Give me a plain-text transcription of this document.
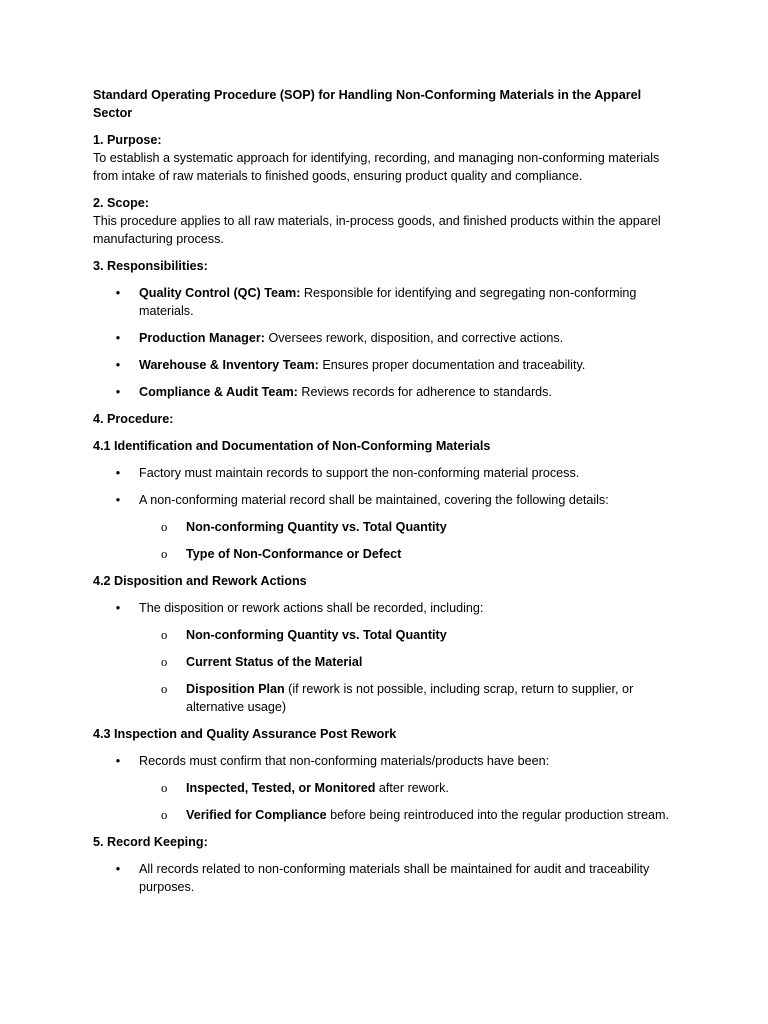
Standard Operating Procedure (SOP) for Handling Non-Conforming Materials in the Apparel Sector

1. Purpose:

To establish a systematic approach for identifying, recording, and managing non-conforming materials from intake of raw materials to finished goods, ensuring product quality and compliance.

2. Scope:

This procedure applies to all raw materials, in-process goods, and finished products within the apparel manufacturing process.

3. Responsibilities:

• Quality Control (QC) Team: Responsible for identifying and segregating non-conforming materials.
• Production Manager: Oversees rework, disposition, and corrective actions.
• Warehouse & Inventory Team: Ensures proper documentation and traceability.
• Compliance & Audit Team: Reviews records for adherence to standards.

4. Procedure:

4.1 Identification and Documentation of Non-Conforming Materials

• Factory must maintain records to support the non-conforming material process.
• A non-conforming material record shall be maintained, covering the following details:
o Non-conforming Quantity vs. Total Quantity
o Type of Non-Conformance or Defect

4.2 Disposition and Rework Actions

• The disposition or rework actions shall be recorded, including:
o Non-conforming Quantity vs. Total Quantity
o Current Status of the Material
o Disposition Plan (if rework is not possible, including scrap, return to supplier, or alternative usage)

4.3 Inspection and Quality Assurance Post Rework

• Records must confirm that non-conforming materials/products have been:
o Inspected, Tested, or Monitored after rework.
o Verified for Compliance before being reintroduced into the regular production stream.

5. Record Keeping:

• All records related to non-conforming materials shall be maintained for audit and traceability purposes.
